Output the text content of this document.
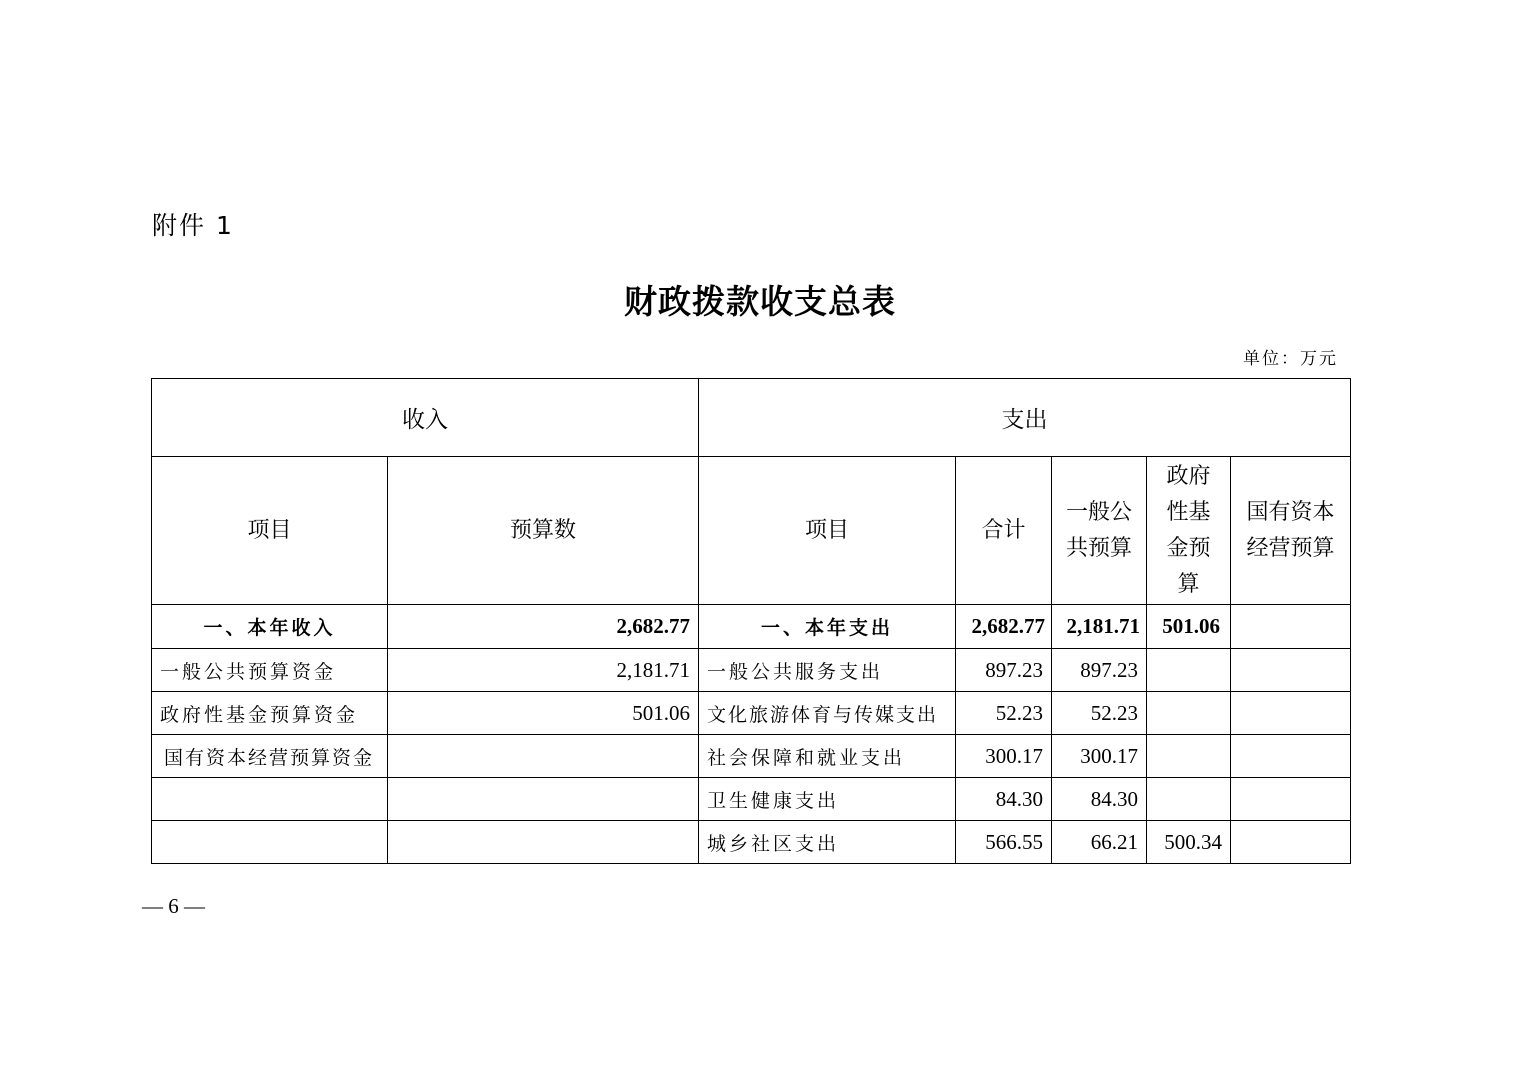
附件 1
财政拨款收支总表
单位：万元
收入		支出				
项目	预算数	项目	合计	一般公共预算	政府性基金预算	国有资本经营预算
一、本年收入	2,682.77	一、本年支出	2,682.77	2,181.71	501.06	
一般公共预算资金	2,181.71	一般公共服务支出	897.23	897.23		
政府性基金预算资金	501.06	文化旅游体育与传媒支出	52.23	52.23		
国有资本经营预算资金		社会保障和就业支出	300.17	300.17		
		卫生健康支出	84.30	84.30		
		城乡社区支出	566.55	66.21	500.34	
— 6 —
